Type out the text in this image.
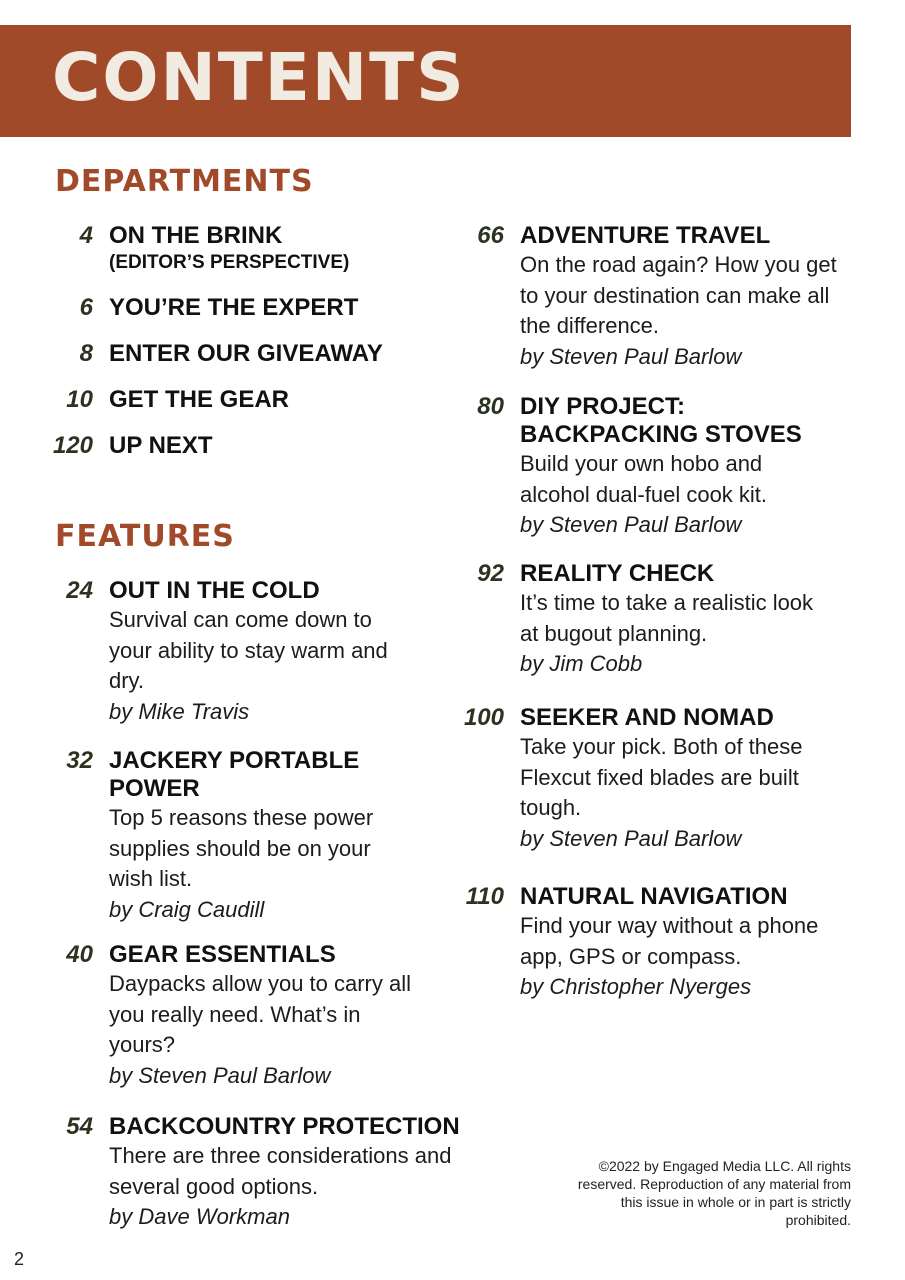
CONTENTS
DEPARTMENTS
4 ON THE BRINK
(EDITOR’S PERSPECTIVE)
6 YOU’RE THE EXPERT
8 ENTER OUR GIVEAWAY
10 GET THE GEAR
120 UP NEXT
FEATURES
24 OUT IN THE COLD
Survival can come down to your ability to stay warm and dry.
by Mike Travis
32 JACKERY PORTABLE POWER
Top 5 reasons these power supplies should be on your wish list.
by Craig Caudill
40 GEAR ESSENTIALS
Daypacks allow you to carry all you really need. What’s in yours?
by Steven Paul Barlow
54 BACKCOUNTRY PROTECTION
There are three considerations and several good options.
by Dave Workman
66 ADVENTURE TRAVEL
On the road again? How you get to your destination can make all the difference.
by Steven Paul Barlow
80 DIY PROJECT: BACKPACKING STOVES
Build your own hobo and alcohol dual-fuel cook kit.
by Steven Paul Barlow
92 REALITY CHECK
It’s time to take a realistic look at bugout planning.
by Jim Cobb
100 SEEKER AND NOMAD
Take your pick. Both of these Flexcut fixed blades are built tough.
by Steven Paul Barlow
110 NATURAL NAVIGATION
Find your way without a phone app, GPS or compass.
by Christopher Nyerges

©2022 by Engaged Media LLC. All rights reserved. Reproduction of any material from this issue in whole or in part is strictly prohibited.

2
